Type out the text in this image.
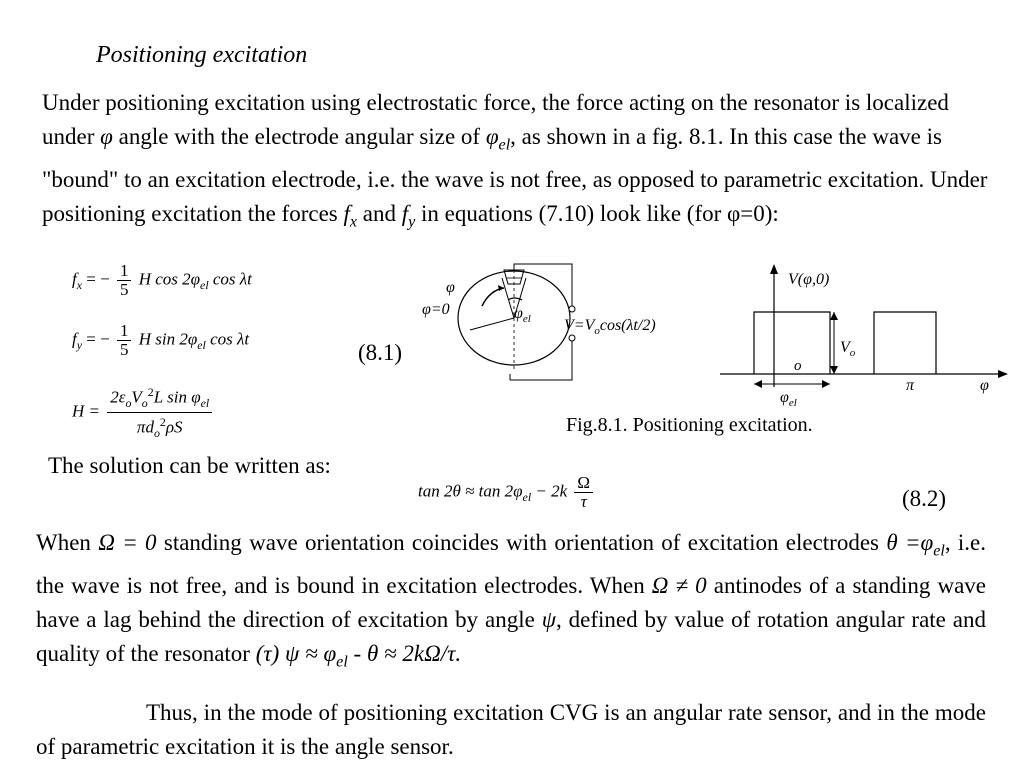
Positioning excitation
Under positioning excitation using electrostatic force, the force acting on the resonator is localized under φ angle with the electrode angular size of $\varphi_{el}$, as shown in a fig. 8.1. In this case the wave is "bound" to an excitation electrode, i.e. the wave is not free, as opposed to parametric excitation. Under positioning excitation the forces $f_x$ and $f_y$ in equations (7.10) look like (for φ=0):
$f_x$ = − $\frac{1}{5}$ H $\cos 2\varphi_{el}$ cos λt
$f_y$ = − $\frac{1}{5}$ H $\sin 2\varphi_{el}$ cos λt
$H = \frac{2\varepsilon_oV_o^2L \sin \varphi_{el}}{\pi d_o^2\rho S}$
(8.1)
φ
φ=0	$\varphi_{el}$ $V=V_o\cos(\lambda t/2)$
V(φ,0)
$V_o$
o
π	φ
$\varphi_{el}$
Fig.8.1. Positioning excitation.
The solution can be written as:
$\tan 2\theta \approx \tan 2\varphi_{el} - 2k \frac{\Omega}{\tau}$	(8.2)
When Ω = 0 standing wave orientation coincides with orientation of excitation electrodes $\theta =\varphi_{el}$, i.e. the wave is not free, and is bound in excitation electrodes. When Ω ≠ 0 antinodes of a standing wave have a lag behind the direction of excitation by angle ψ, defined by value of rotation angular rate and quality of the resonator (τ) $\psi \approx \varphi_{el} - \theta \approx 2k\Omega/\tau$.
Thus, in the mode of positioning excitation CVG is an angular rate sensor, and in the mode of parametric excitation it is the angle sensor.
